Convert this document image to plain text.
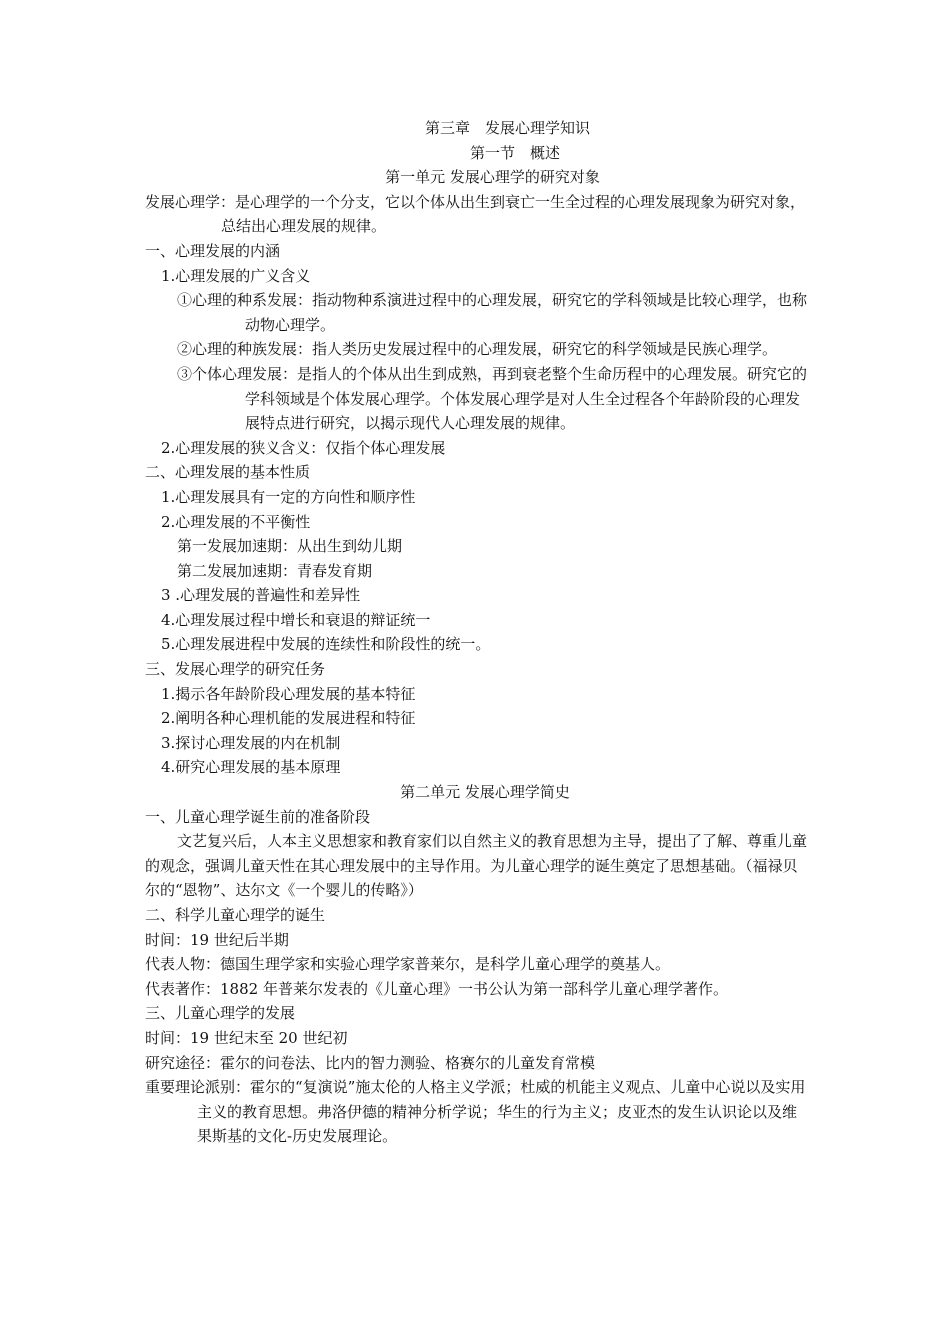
第三章　发展心理学知识

第一节　概述

第一单元 发展心理学的研究对象

发展心理学：是心理学的一个分支，它以个体从出生到衰亡一生全过程的心理发展现象为研究对象，总结出心理发展的规律。

一、心理发展的内涵

1.心理发展的广义含义

①心理的种系发展：指动物种系演进过程中的心理发展，研究它的学科领域是比较心理学，也称动物心理学。

②心理的种族发展：指人类历史发展过程中的心理发展，研究它的科学领域是民族心理学。

③个体心理发展：是指人的个体从出生到成熟，再到衰老整个生命历程中的心理发展。研究它的学科领域是个体发展心理学。个体发展心理学是对人生全过程各个年龄阶段的心理发展特点进行研究，以揭示现代人心理发展的规律。

2.心理发展的狭义含义：仅指个体心理发展

二、心理发展的基本性质

1.心理发展具有一定的方向性和顺序性

2.心理发展的不平衡性

第一发展加速期：从出生到幼儿期

第二发展加速期：青春发育期

3 .心理发展的普遍性和差异性

4.心理发展过程中增长和衰退的辩证统一

5.心理发展进程中发展的连续性和阶段性的统一。

三、发展心理学的研究任务

1.揭示各年龄阶段心理发展的基本特征

2.阐明各种心理机能的发展进程和特征

3.探讨心理发展的内在机制

4.研究心理发展的基本原理

第二单元 发展心理学简史

一、儿童心理学诞生前的准备阶段

文艺复兴后，人本主义思想家和教育家们以自然主义的教育思想为主导，提出了了解、尊重儿童的观念，强调儿童天性在其心理发展中的主导作用。为儿童心理学的诞生奠定了思想基础。（福禄贝尔的“恩物”、达尔文《一个婴儿的传略》）

二、科学儿童心理学的诞生

时间：19 世纪后半期

代表人物：德国生理学家和实验心理学家普莱尔，是科学儿童心理学的奠基人。

代表著作：1882 年普莱尔发表的《儿童心理》一书公认为第一部科学儿童心理学著作。

三、儿童心理学的发展

时间：19 世纪末至 20 世纪初

研究途径：霍尔的问卷法、比内的智力测验、格赛尔的儿童发育常模

重要理论派别：霍尔的“复演说”施太伦的人格主义学派；杜威的机能主义观点、儿童中心说以及实用主义的教育思想。弗洛伊德的精神分析学说；华生的行为主义；皮亚杰的发生认识论以及维果斯基的文化-历史发展理论。
